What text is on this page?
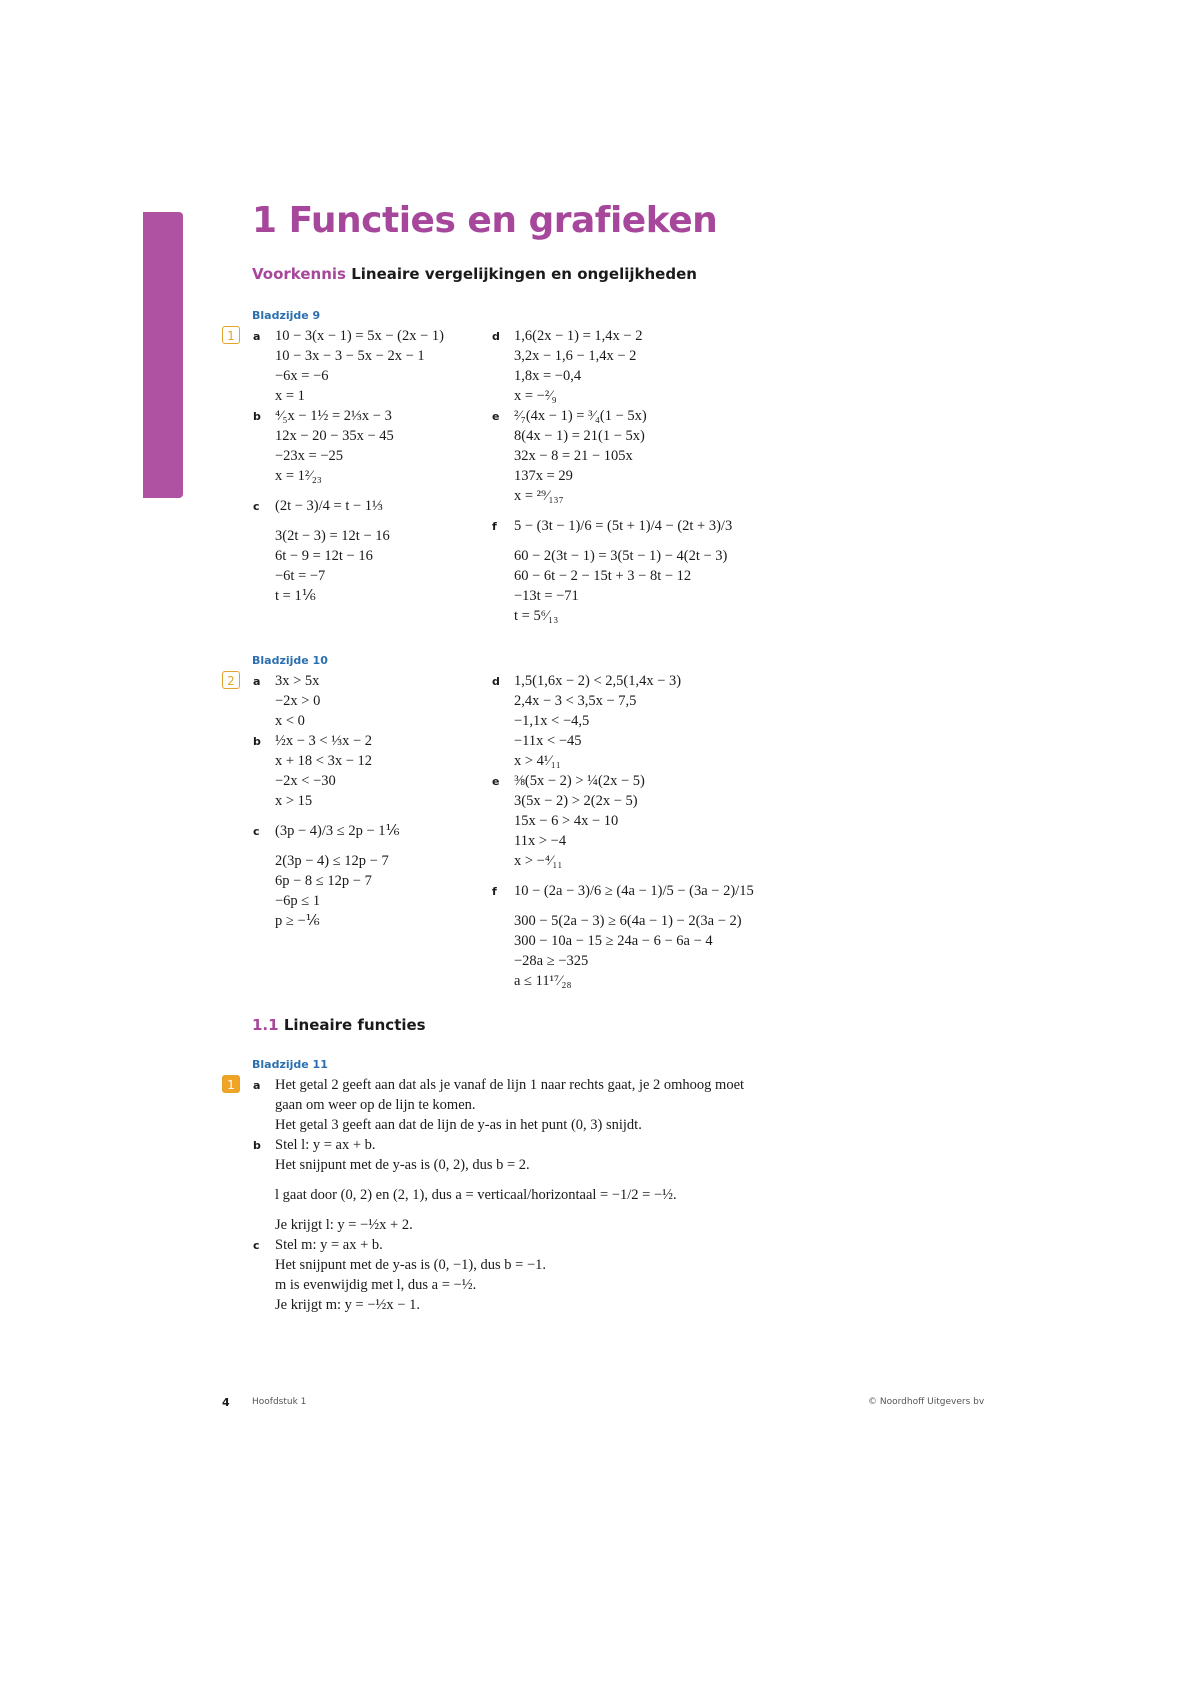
1 Functies en grafieken
Voorkennis Lineaire vergelijkingen en ongelijkheden
Bladzijde 9
1	a 10 − 3(x − 1) = 5x − (2x − 1)
10 − 3x − 3 − 5x − 2x − 1
−6x = −6
x = 1
b ⁴⁄₅x − 1½ = 2⅓x − 3
12x − 20 − 35x − 45
−23x = −25
x = 1²⁄₂₃
c (2t − 3)/4 = t − 1⅓
3(2t − 3) = 12t − 16
6t − 9 = 12t − 16
−6t = −7
t = 1⅙
d 1,6(2x − 1) = 1,4x − 2
3,2x − 1,6 − 1,4x − 2
1,8x = −0,4
x = −²⁄₉
e ²⁄₇(4x − 1) = ³⁄₄(1 − 5x)
8(4x − 1) = 21(1 − 5x)
32x − 8 = 21 − 105x
137x = 29
x = ²⁹⁄₁₃₇
f 5 − (3t − 1)/6 = (5t + 1)/4 − (2t + 3)/3
60 − 2(3t − 1) = 3(5t − 1) − 4(2t − 3)
60 − 6t − 2 − 15t + 3 − 8t − 12
−13t = −71
t = 5⁶⁄₁₃
Bladzijde 10
2	a 3x > 5x
−2x > 0
x < 0
b ½x − 3 < ⅓x − 2
x + 18 < 3x − 12
−2x < −30
x > 15
c (3p − 4)/3 ≤ 2p − 1⅙
2(3p − 4) ≤ 12p − 7
6p − 8 ≤ 12p − 7
−6p ≤ 1
p ≥ −⅙
d 1,5(1,6x − 2) < 2,5(1,4x − 3)
2,4x − 3 < 3,5x − 7,5
−1,1x < −4,5
−11x < −45
x > 4¹⁄₁₁
e ⅜(5x − 2) > ¼(2x − 5)
3(5x − 2) > 2(2x − 5)
15x − 6 > 4x − 10
11x > −4
x > −⁴⁄₁₁
f 10 − (2a − 3)/6 ≥ (4a − 1)/5 − (3a − 2)/15
300 − 5(2a − 3) ≥ 6(4a − 1) − 2(3a − 2)
300 − 10a − 15 ≥ 24a − 6 − 6a − 4
−28a ≥ −325
a ≤ 11¹⁷⁄₂₈
1.1 Lineaire functies
Bladzijde 11
1	a Het getal 2 geeft aan dat als je vanaf de lijn 1 naar rechts gaat, je 2 omhoog moet
gaan om weer op de lijn te komen.
Het getal 3 geeft aan dat de lijn de y-as in het punt (0, 3) snijdt.
b Stel l: y = ax + b.
Het snijpunt met de y-as is (0, 2), dus b = 2.
l gaat door (0, 2) en (2, 1), dus a = verticaal/horizontaal = −1/2 = −½.
Je krijgt l: y = −½x + 2.
c Stel m: y = ax + b.
Het snijpunt met de y-as is (0, −1), dus b = −1.
m is evenwijdig met l, dus a = −½.
Je krijgt m: y = −½x − 1.
4 Hoofdstuk 1	© Noordhoff Uitgevers bv
